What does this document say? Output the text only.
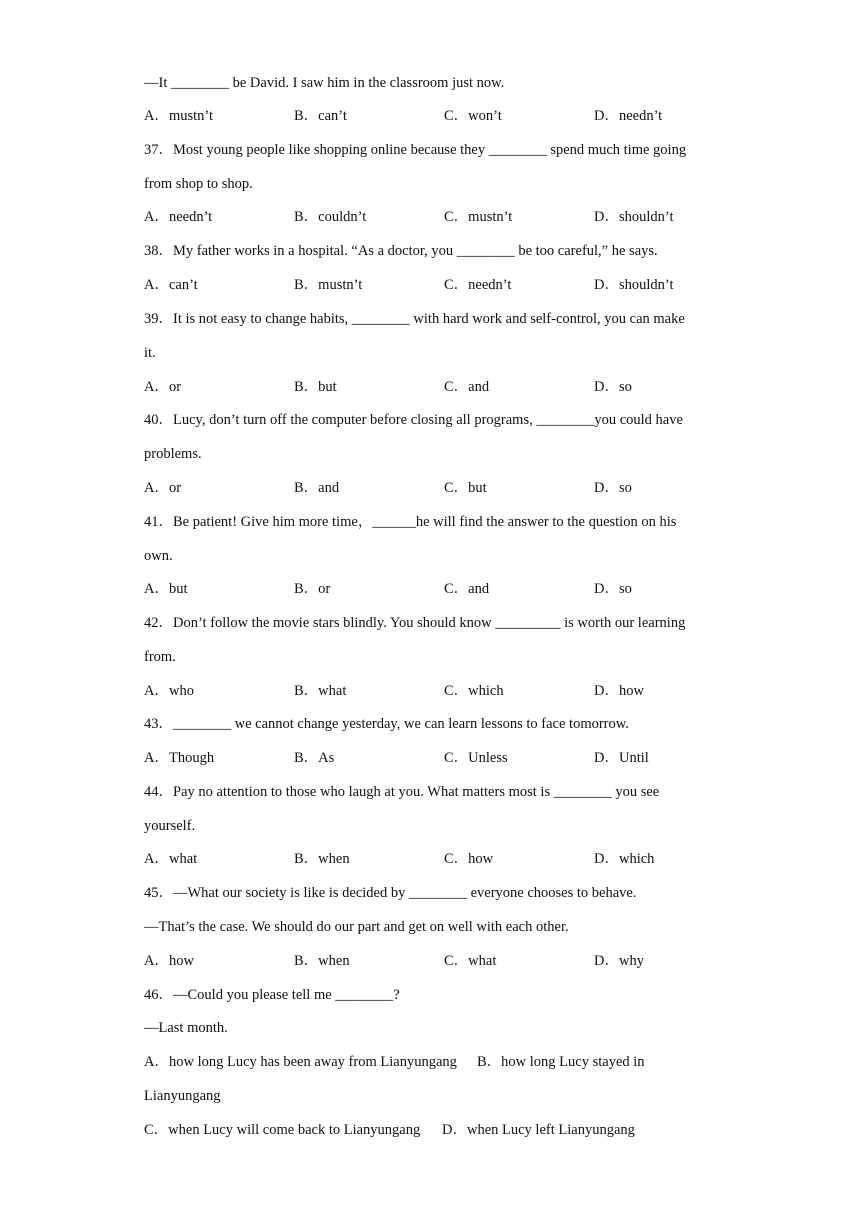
—It ________ be David. I saw him in the classroom just now.
A．mustn’t	B．can’t	C．won’t	D．needn’t
37．Most young people like shopping online because they ________ spend much time going
from shop to shop.
A．needn’t	B．couldn’t	C．mustn’t	D．shouldn’t
38．My father works in a hospital. “As a doctor, you ________ be too careful,” he says.
A．can’t	B．mustn’t	C．needn’t	D．shouldn’t
39．It is not easy to change habits, ________ with hard work and self-control, you can make
it.
A．or	B．but	C．and	D．so
40．Lucy, don’t turn off the computer before closing all programs, ________you could have
problems.
A．or	B．and	C．but	D．so
41．Be patient! Give him more time，______he will find the answer to the question on his
own.
A．but	B．or	C．and	D．so
42．Don’t follow the movie stars blindly. You should know _________ is worth our learning
from.
A．who	B．what	C．which	D．how
43．________ we cannot change yesterday, we can learn lessons to face tomorrow.
A．Though	B．As	C．Unless	D．Until
44．Pay no attention to those who laugh at you. What matters most is ________ you see
yourself.
A．what	B．when	C．how	D．which
45．—What our society is like is decided by ________ everyone chooses to behave.
—That’s the case. We should do our part and get on well with each other.
A．how	B．when	C．what	D．why
46．—Could you please tell me ________?
—Last month.
A．how long Lucy has been away from Lianyungang B．how long Lucy stayed in
Lianyungang
C．when Lucy will come back to Lianyungang D．when Lucy left Lianyungang
